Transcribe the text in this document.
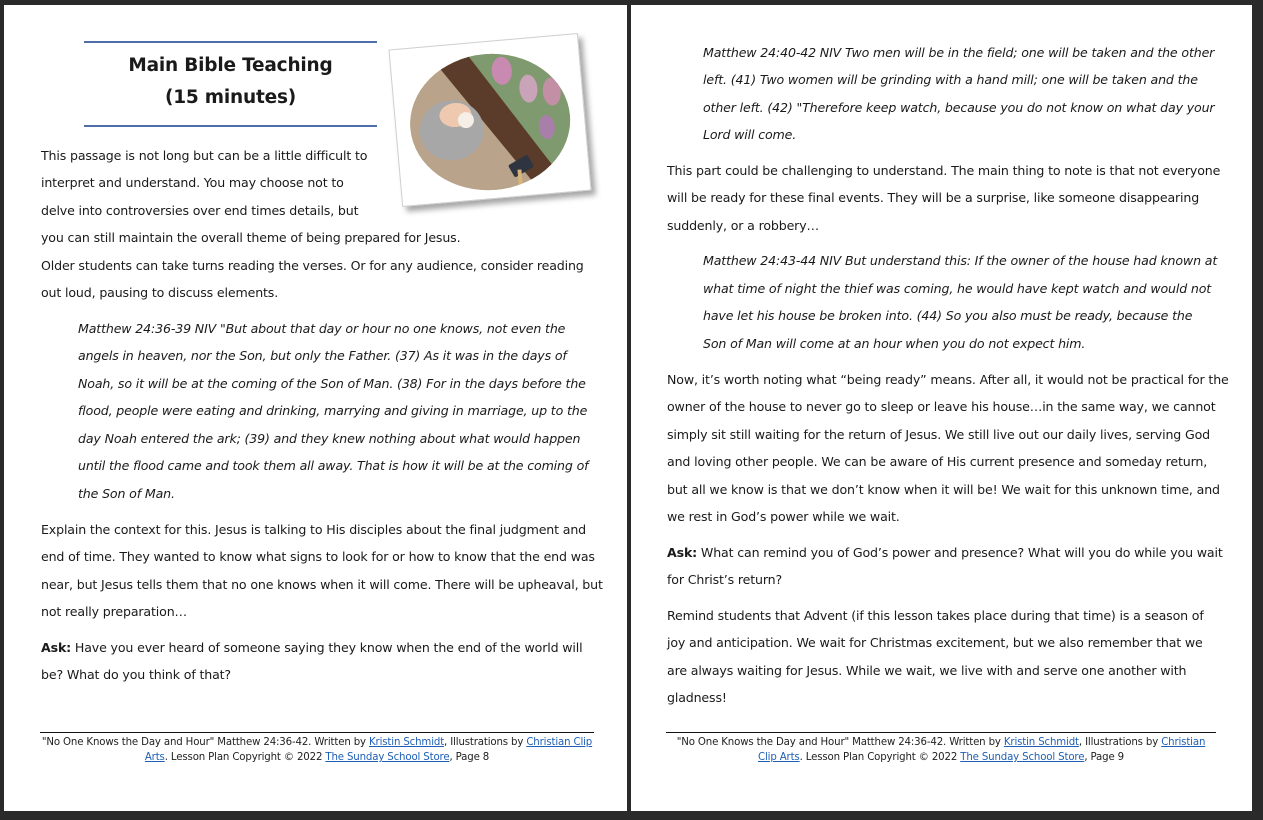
Main Bible Teaching
(15 minutes)
This passage is not long but can be a little difficult to
interpret and understand. You may choose not to
delve into controversies over end times details, but
you can still maintain the overall theme of being prepared for Jesus.
Older students can take turns reading the verses. Or for any audience, consider reading
out loud, pausing to discuss elements.
Matthew 24:36-39 NIV "But about that day or hour no one knows, not even the
angels in heaven, nor the Son, but only the Father. (37) As it was in the days of
Noah, so it will be at the coming of the Son of Man. (38) For in the days before the
flood, people were eating and drinking, marrying and giving in marriage, up to the
day Noah entered the ark; (39) and they knew nothing about what would happen
until the flood came and took them all away. That is how it will be at the coming of
the Son of Man.
Explain the context for this. Jesus is talking to His disciples about the final judgment and
end of time. They wanted to know what signs to look for or how to know that the end was
near, but Jesus tells them that no one knows when it will come. There will be upheaval, but
not really preparation…
Ask: Have you ever heard of someone saying they know when the end of the world will
be? What do you think of that?
"No One Knows the Day and Hour" Matthew 24:36-42. Written by Kristin Schmidt, Illustrations by Christian Clip Arts. Lesson Plan Copyright © 2022 The Sunday School Store, Page 8
Matthew 24:40-42 NIV Two men will be in the field; one will be taken and the other
left. (41) Two women will be grinding with a hand mill; one will be taken and the
other left. (42) "Therefore keep watch, because you do not know on what day your
Lord will come.
This part could be challenging to understand. The main thing to note is that not everyone
will be ready for these final events. They will be a surprise, like someone disappearing
suddenly, or a robbery…
Matthew 24:43-44 NIV But understand this: If the owner of the house had known at
what time of night the thief was coming, he would have kept watch and would not
have let his house be broken into. (44) So you also must be ready, because the
Son of Man will come at an hour when you do not expect him.
Now, it’s worth noting what “being ready” means. After all, it would not be practical for the
owner of the house to never go to sleep or leave his house…in the same way, we cannot
simply sit still waiting for the return of Jesus. We still live out our daily lives, serving God
and loving other people. We can be aware of His current presence and someday return,
but all we know is that we don’t know when it will be! We wait for this unknown time, and
we rest in God’s power while we wait.
Ask: What can remind you of God’s power and presence? What will you do while you wait
for Christ’s return?
Remind students that Advent (if this lesson takes place during that time) is a season of
joy and anticipation. We wait for Christmas excitement, but we also remember that we
are always waiting for Jesus. While we wait, we live with and serve one another with
gladness!
"No One Knows the Day and Hour" Matthew 24:36-42. Written by Kristin Schmidt, Illustrations by Christian Clip Arts. Lesson Plan Copyright © 2022 The Sunday School Store, Page 9
